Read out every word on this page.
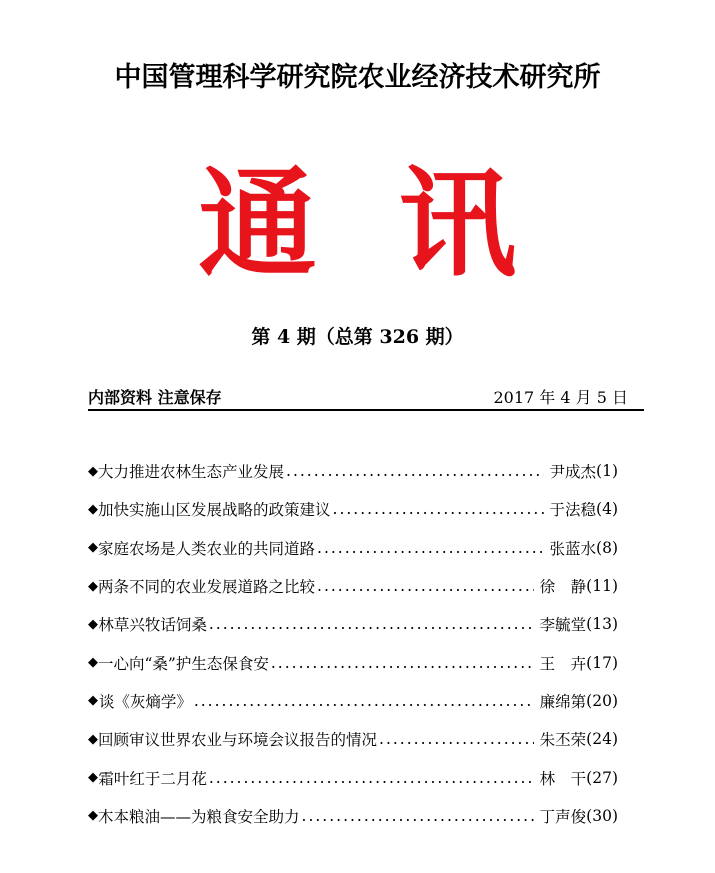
中国管理科学研究院农业经济技术研究所
通 讯
第 4 期（总第 326 期）
内部资料 注意保存	2017 年 4 月 5 日
◆ 大力推进农林生态产业发展 .....	尹成杰 (1)
◆ 加快实施山区发展战略的政策建议 .....	于法稳 (4)
◆ 家庭农场是人类农业的共同道路 .....	张蓝水 (8)
◆ 两条不同的农业发展道路之比较 .....	徐　静 (11)
◆ 林草兴牧话饲桑 .....	李毓堂 (13)
◆ 一心向“桑”护生态保食安 .....	王　卉 (17)
◆ 谈《灰熵学》 .....	廉绵第 (20)
◆ 回顾审议世界农业与环境会议报告的情况 .....	朱丕荣 (24)
◆ 霜叶红于二月花 .....	林　干 (27)
◆ 木本粮油——为粮食安全助力 .....	丁声俊 (30)
